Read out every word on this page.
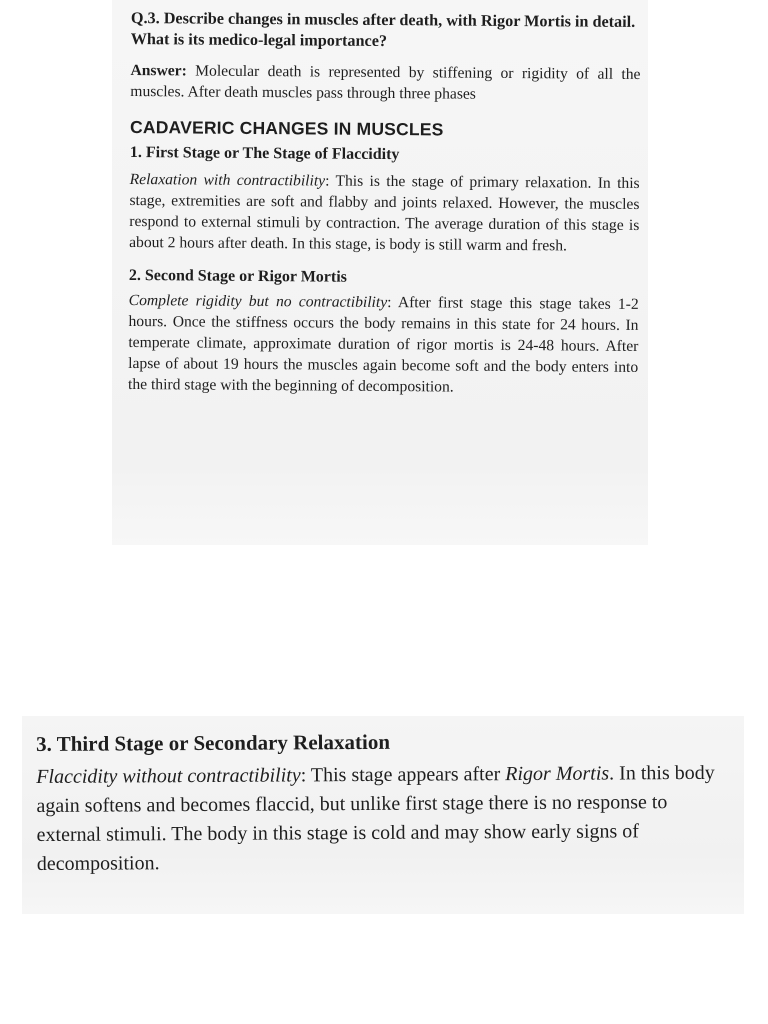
Q.3. Describe changes in muscles after death, with Rigor Mortis in detail. What is its medico-legal importance?

Answer: Molecular death is represented by stiffening or rigidity of all the muscles. After death muscles pass through three phases

CADAVERIC CHANGES IN MUSCLES
1. First Stage or The Stage of Flaccidity

Relaxation with contractibility: This is the stage of primary relaxation. In this stage, extremities are soft and flabby and joints relaxed. However, the muscles respond to external stimuli by contraction. The average duration of this stage is about 2 hours after death. In this stage, is body is still warm and fresh.

2. Second Stage or Rigor Mortis

Complete rigidity but no contractibility: After first stage this stage takes 1-2 hours. Once the stiffness occurs the body remains in this state for 24 hours. In temperate climate, approximate duration of rigor mortis is 24-48 hours. After lapse of about 19 hours the muscles again become soft and the body enters into the third stage with the beginning of decomposition.

3. Third Stage or Secondary Relaxation

Flaccidity without contractibility: This stage appears after Rigor Mortis. In this body again softens and becomes flaccid, but unlike first stage there is no response to external stimuli. The body in this stage is cold and may show early signs of decomposition.
